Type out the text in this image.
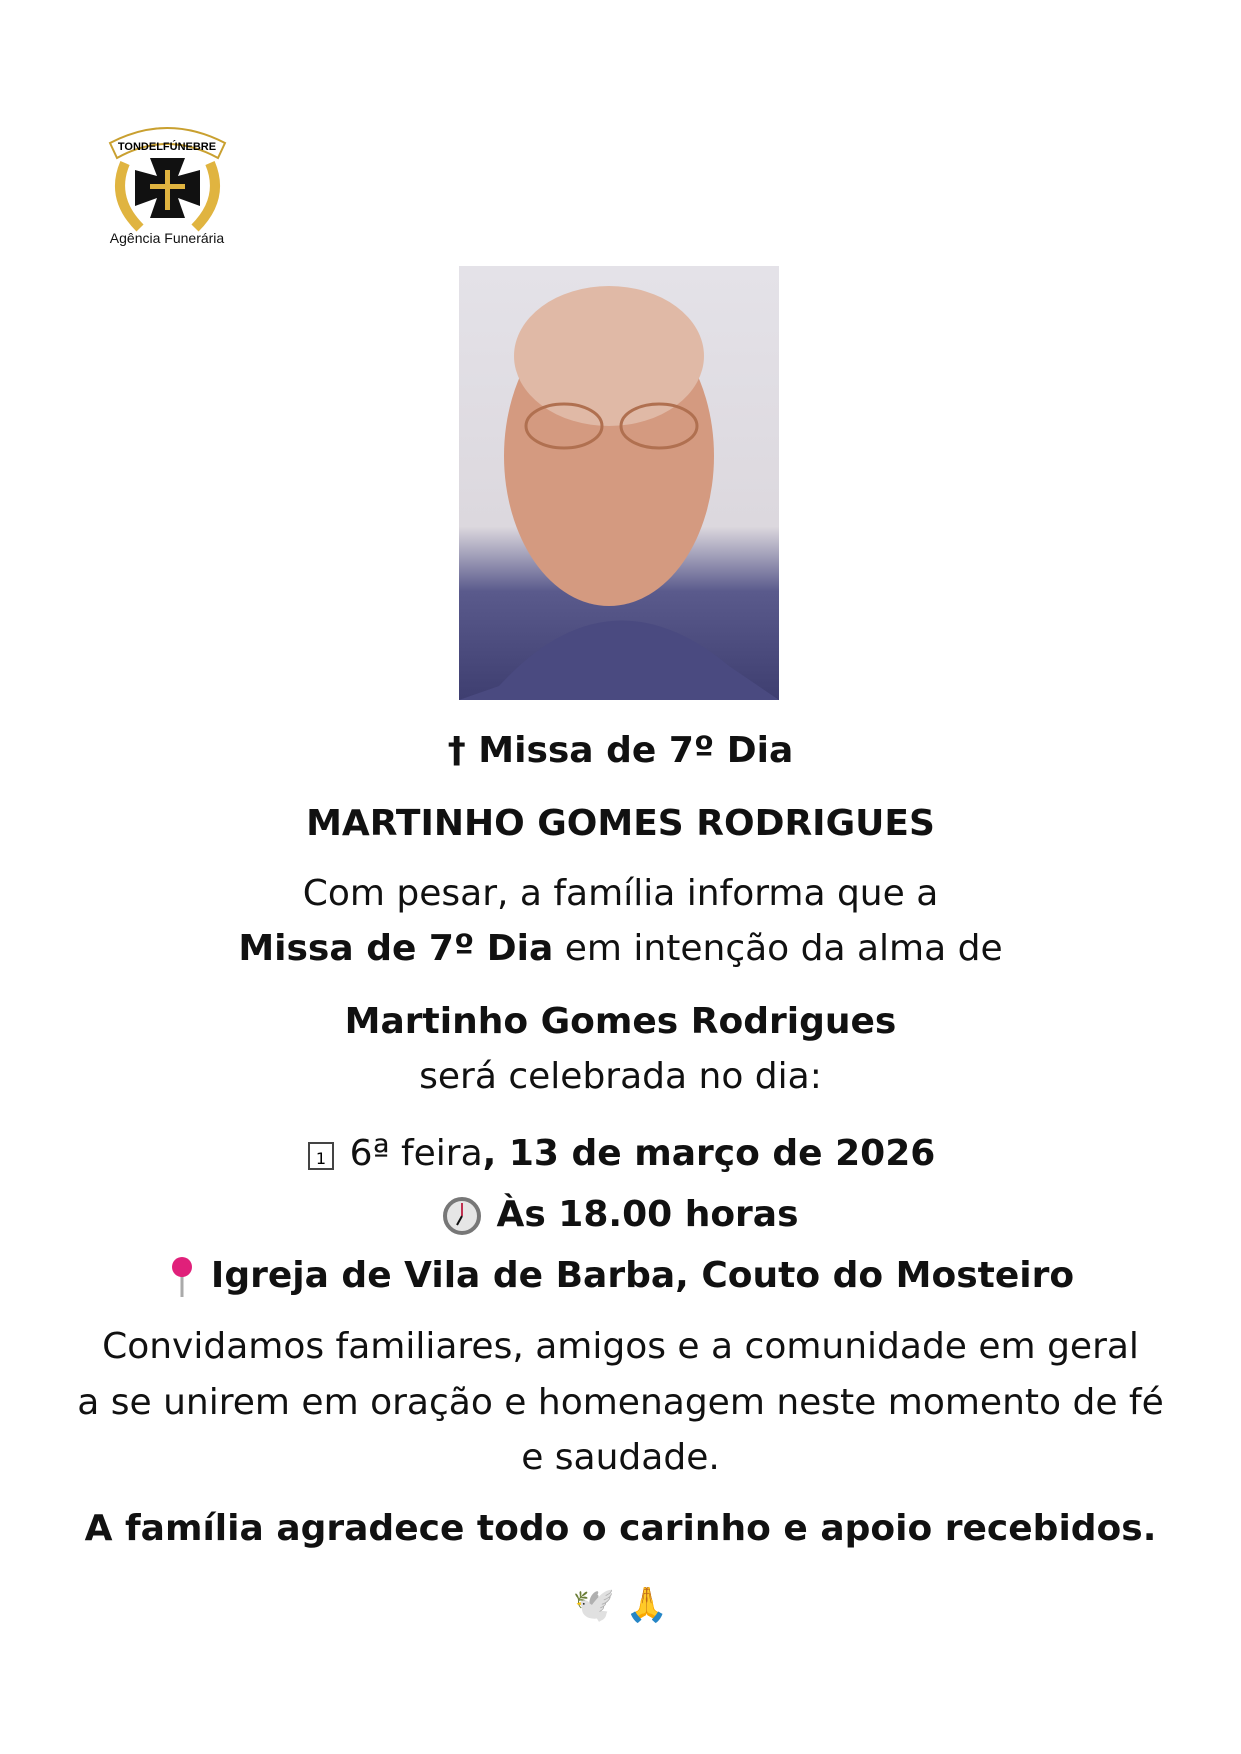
TONDELFÚNEBRE
Agência Funerária
† Missa de 7º Dia
MARTINHO GOMES RODRIGUES
Com pesar, a família informa que a
Missa de 7º Dia em intenção da alma de
Martinho Gomes Rodrigues
será celebrada no dia:
1 6ª feira, 13 de março de 2026
Às 18.00 horas
Igreja de Vila de Barba, Couto do Mosteiro
Convidamos familiares, amigos e a comunidade em geral
a se unirem em oração e homenagem neste momento de fé
e saudade.
A família agradece todo o carinho e apoio recebidos.
🕊️ 🙏
